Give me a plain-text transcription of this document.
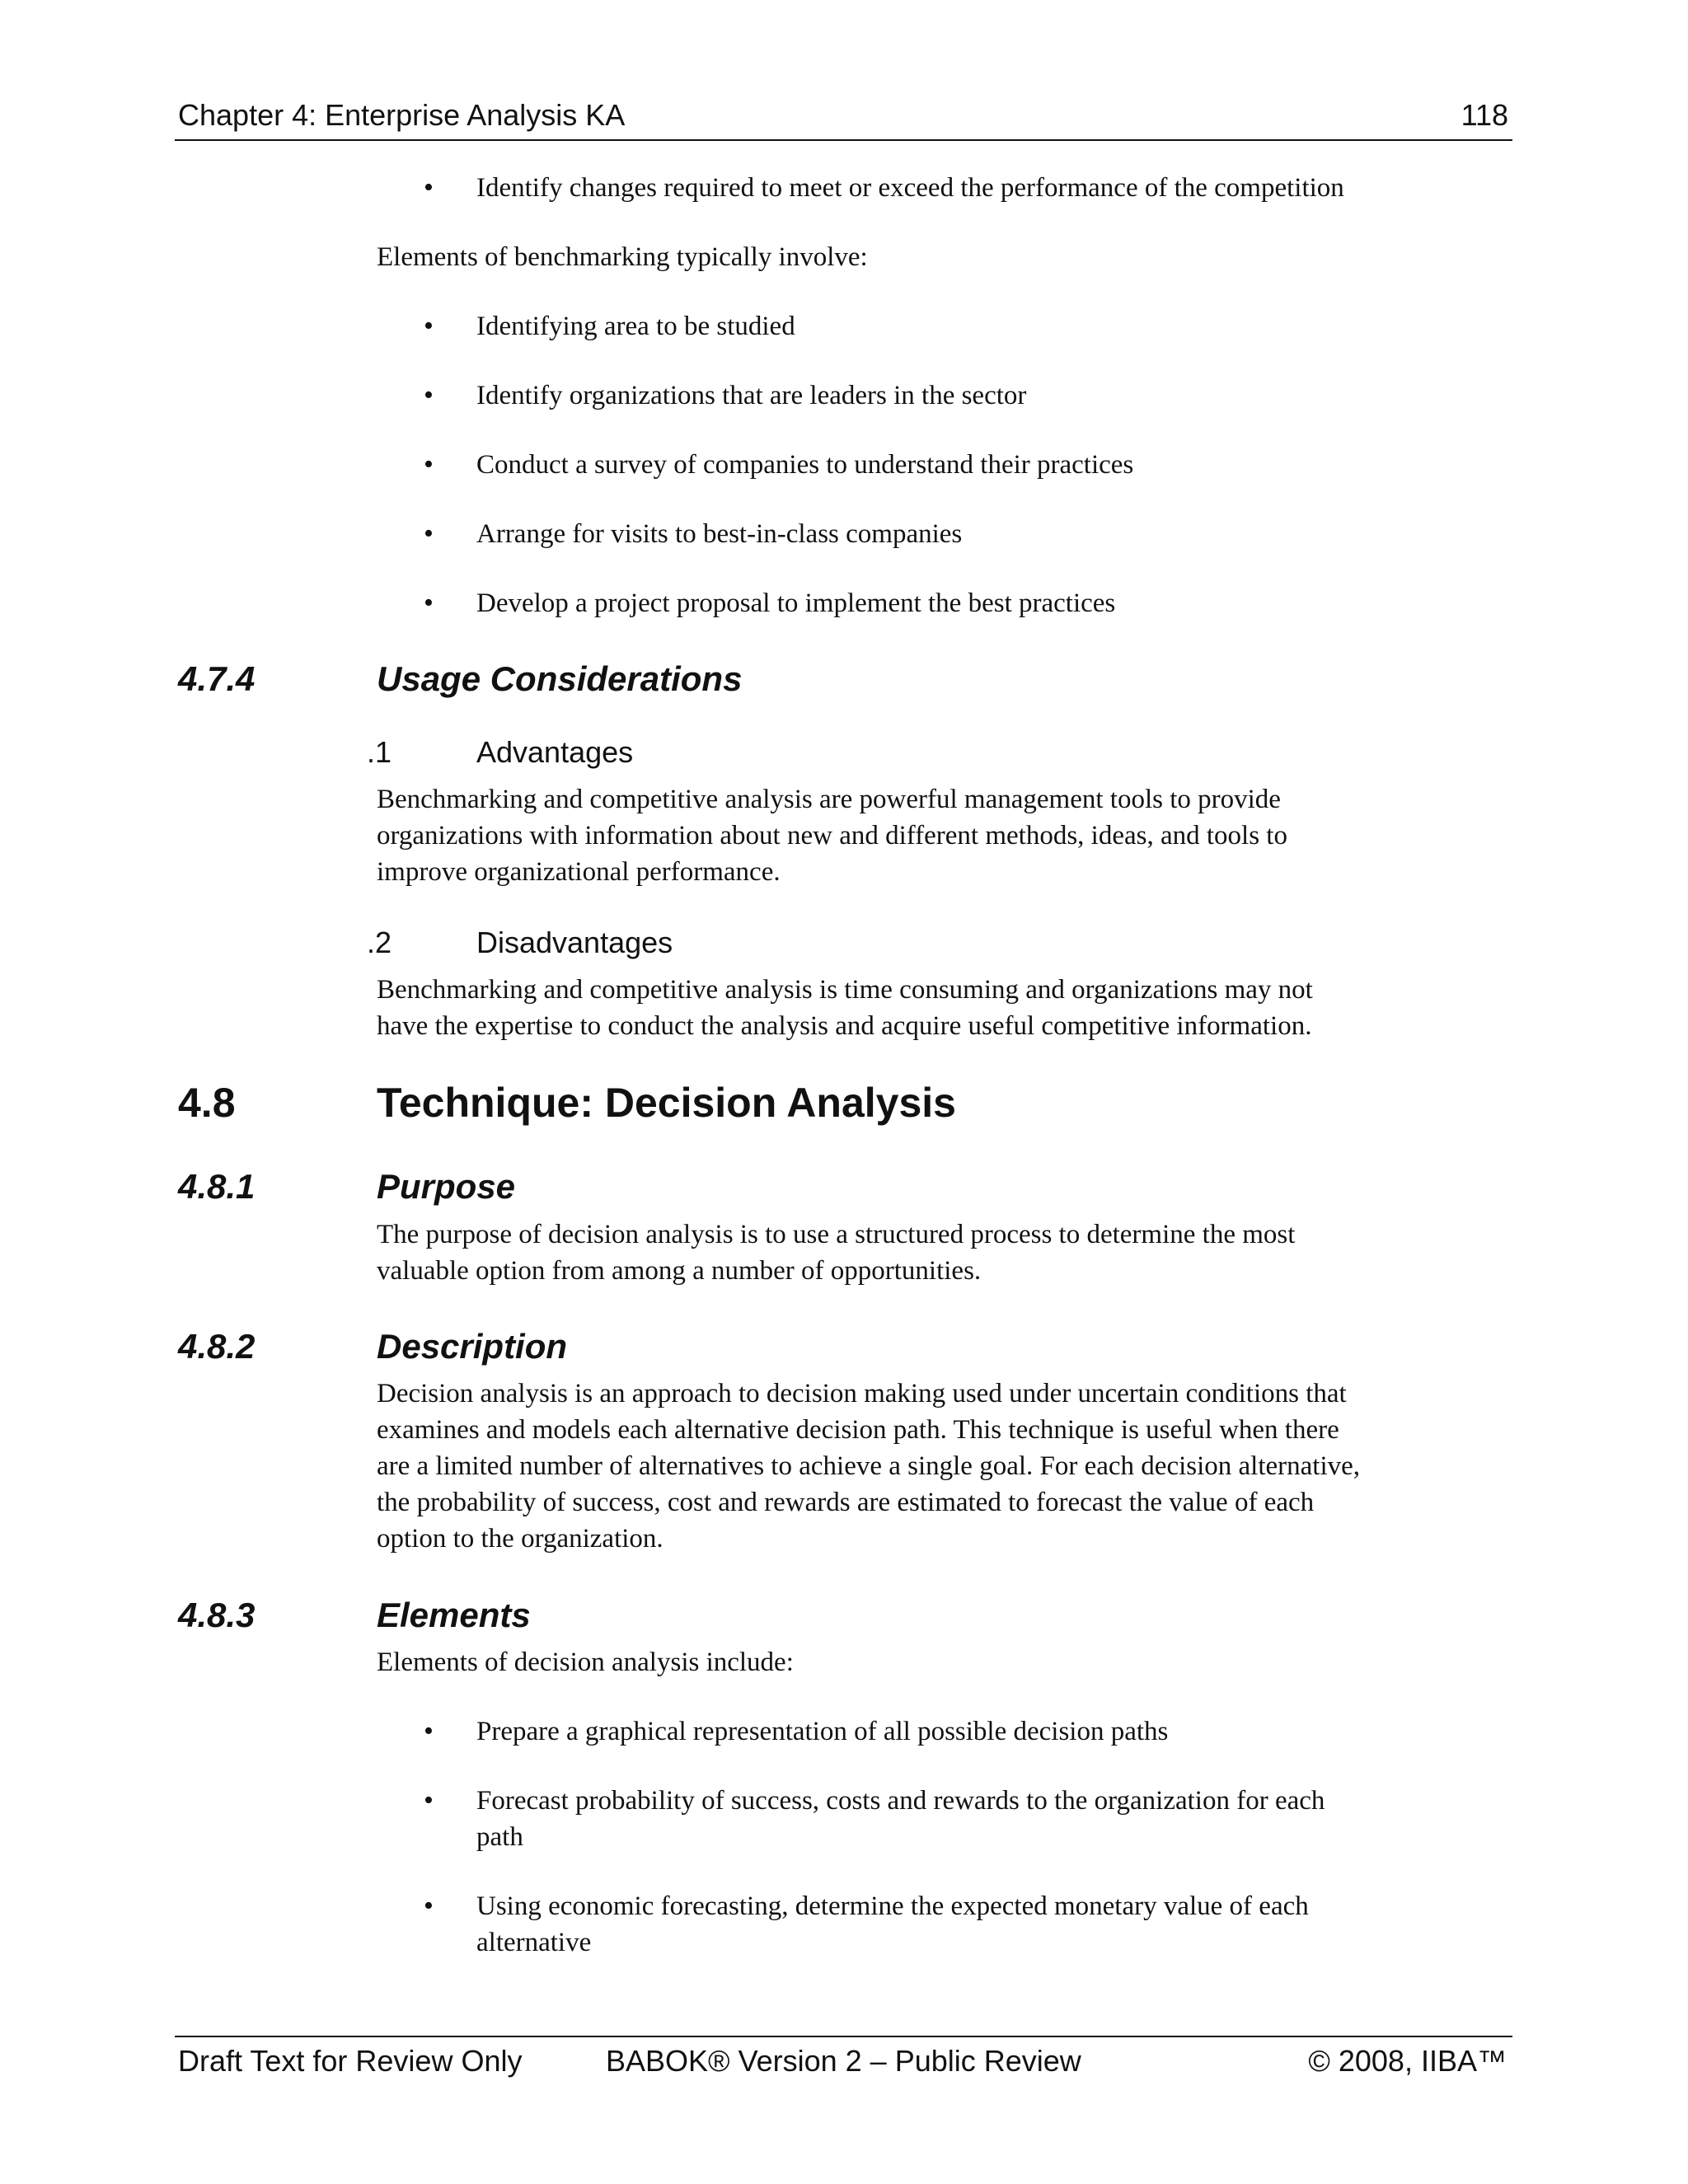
Chapter 4: Enterprise Analysis KA	118
• Identify changes required to meet or exceed the performance of the competition
Elements of benchmarking typically involve:
• Identifying area to be studied
• Identify organizations that are leaders in the sector
• Conduct a survey of companies to understand their practices
• Arrange for visits to best-in-class companies
• Develop a project proposal to implement the best practices
4.7.4	Usage Considerations
.1	Advantages
Benchmarking and competitive analysis are powerful management tools to provide
organizations with information about new and different methods, ideas, and tools to
improve organizational performance.
.2	Disadvantages
Benchmarking and competitive analysis is time consuming and organizations may not
have the expertise to conduct the analysis and acquire useful competitive information.
4.8	Technique: Decision Analysis
4.8.1	Purpose
The purpose of decision analysis is to use a structured process to determine the most
valuable option from among a number of opportunities.
4.8.2	Description
Decision analysis is an approach to decision making used under uncertain conditions that
examines and models each alternative decision path. This technique is useful when there
are a limited number of alternatives to achieve a single goal. For each decision alternative,
the probability of success, cost and rewards are estimated to forecast the value of each
option to the organization.
4.8.3	Elements
Elements of decision analysis include:
• Prepare a graphical representation of all possible decision paths
• Forecast probability of success, costs and rewards to the organization for each
path
• Using economic forecasting, determine the expected monetary value of each
alternative
Draft Text for Review Only	BABOK® Version 2 – Public Review	© 2008, IIBA™
